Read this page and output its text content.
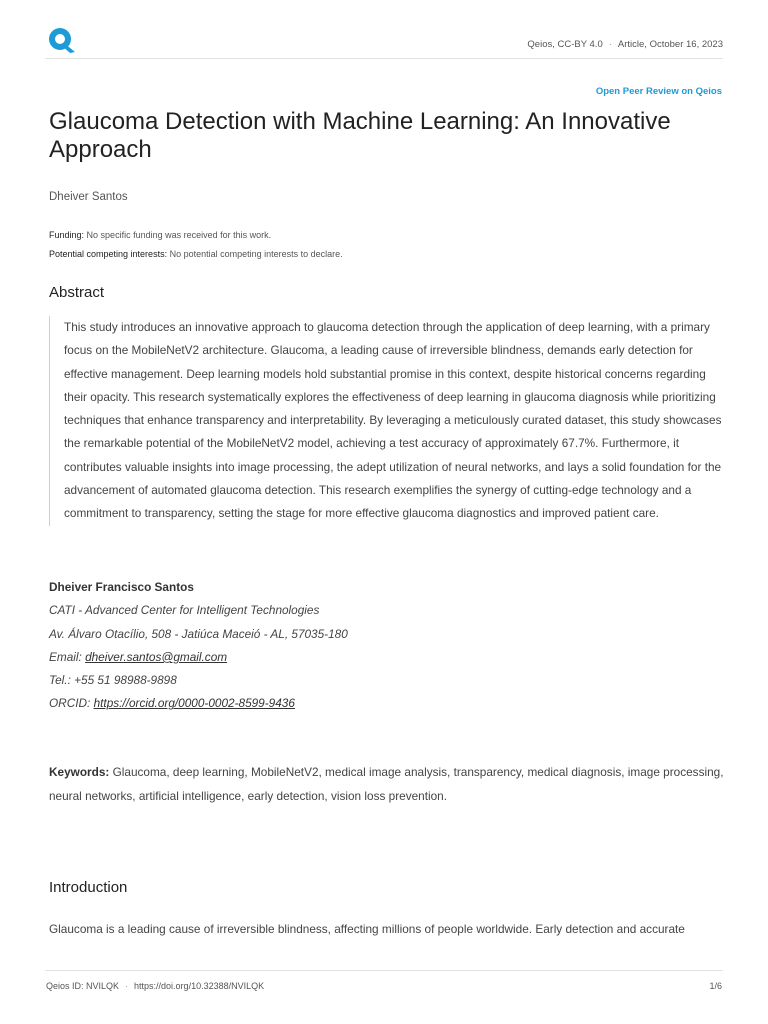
Qeios, CC-BY 4.0 · Article, October 16, 2023
Open Peer Review on Qeios
Glaucoma Detection with Machine Learning: An Innovative Approach
Dheiver Santos
Funding: No specific funding was received for this work.
Potential competing interests: No potential competing interests to declare.
Abstract

This study introduces an innovative approach to glaucoma detection through the application of deep learning, with a primary focus on the MobileNetV2 architecture. Glaucoma, a leading cause of irreversible blindness, demands early detection for effective management. Deep learning models hold substantial promise in this context, despite historical concerns regarding their opacity. This research systematically explores the effectiveness of deep learning in glaucoma diagnosis while prioritizing techniques that enhance transparency and interpretability. By leveraging a meticulously curated dataset, this study showcases the remarkable potential of the MobileNetV2 model, achieving a test accuracy of approximately 67.7%. Furthermore, it contributes valuable insights into image processing, the adept utilization of neural networks, and lays a solid foundation for the advancement of automated glaucoma detection. This research exemplifies the synergy of cutting-edge technology and a commitment to transparency, setting the stage for more effective glaucoma diagnostics and improved patient care.

Dheiver Francisco Santos
CATI - Advanced Center for Intelligent Technologies
Av. Álvaro Otacílio, 508 - Jatiúca Maceió - AL, 57035-180
Email: dheiver.santos@gmail.com
Tel.: +55 51 98988-9898
ORCID: https://orcid.org/0000-0002-8599-9436

Keywords: Glaucoma, deep learning, MobileNetV2, medical image analysis, transparency, medical diagnosis, image processing, neural networks, artificial intelligence, early detection, vision loss prevention.

Introduction

Glaucoma is a leading cause of irreversible blindness, affecting millions of people worldwide. Early detection and accurate

Qeios ID: NVILQK · https://doi.org/10.32388/NVILQK	1/6
